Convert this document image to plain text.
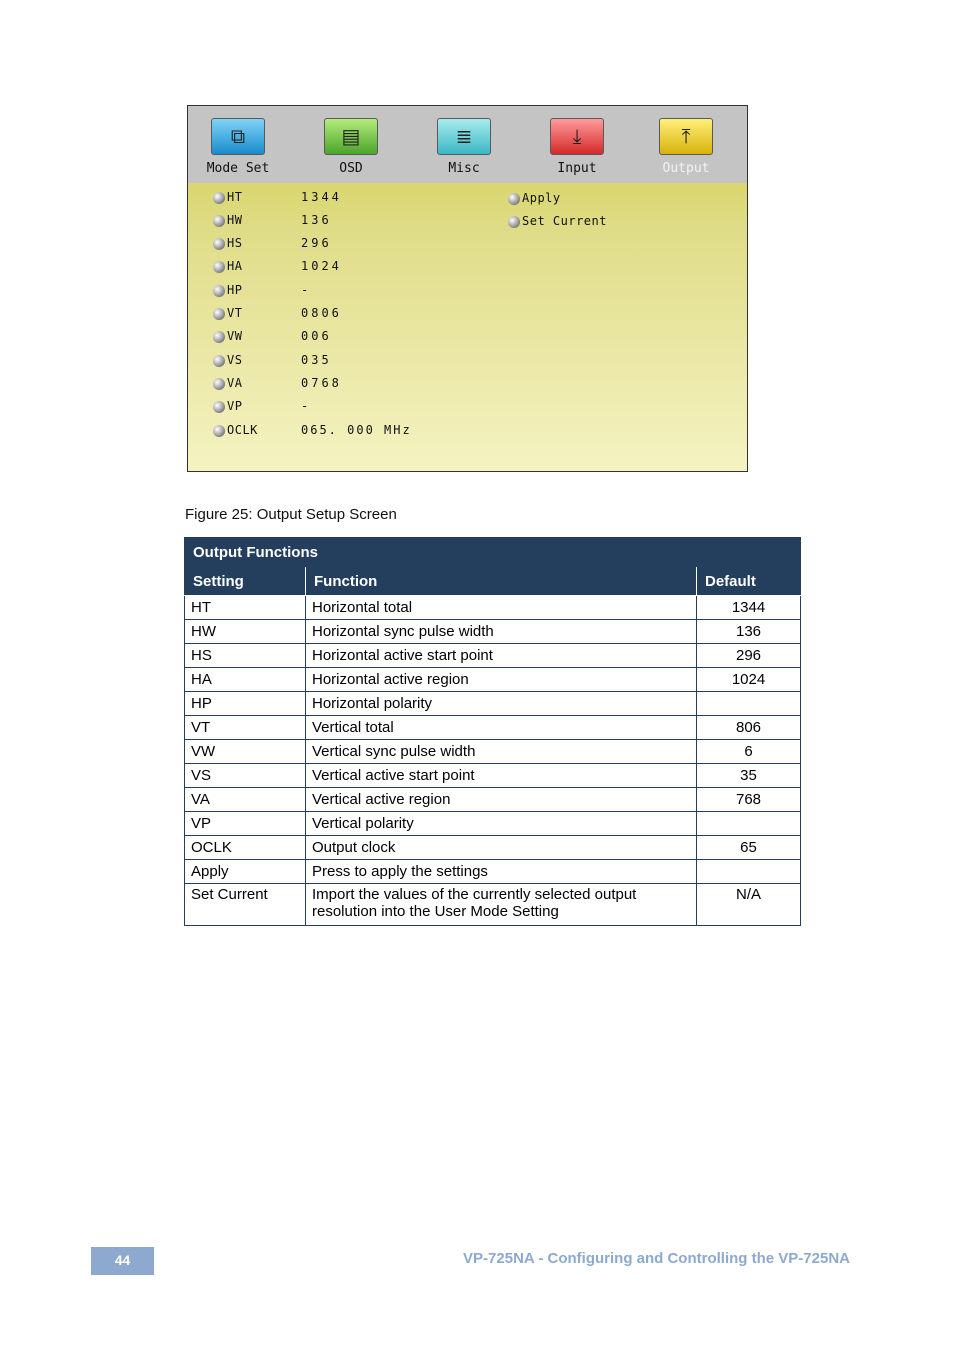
⧉
Mode Set
▤
OSD
≣
Misc
⤓
Input
⤒
Output
HT	1344
HW	136
HS	296
HA	1024
HP	-
VT	0806
VW	006
VS	035
VA	0768
VP	-
OCLK	065. 000 MHz
Apply
Set Current
Figure 25: Output Setup Screen
Output Functions		
Setting	Function	Default
HT	Horizontal total	1344
HW	Horizontal sync pulse width	136
HS	Horizontal active start point	296
HA	Horizontal active region	1024
HP	Horizontal polarity	
VT	Vertical total	806
VW	Vertical sync pulse width	6
VS	Vertical active start point	35
VA	Vertical active region	768
VP	Vertical polarity	
OCLK	Output clock	65
Apply	Press to apply the settings	
Set Current	Import the values of the currently selected output resolution into the User Mode Setting	N/A
44	VP-725NA - Configuring and Controlling the VP-725NA
